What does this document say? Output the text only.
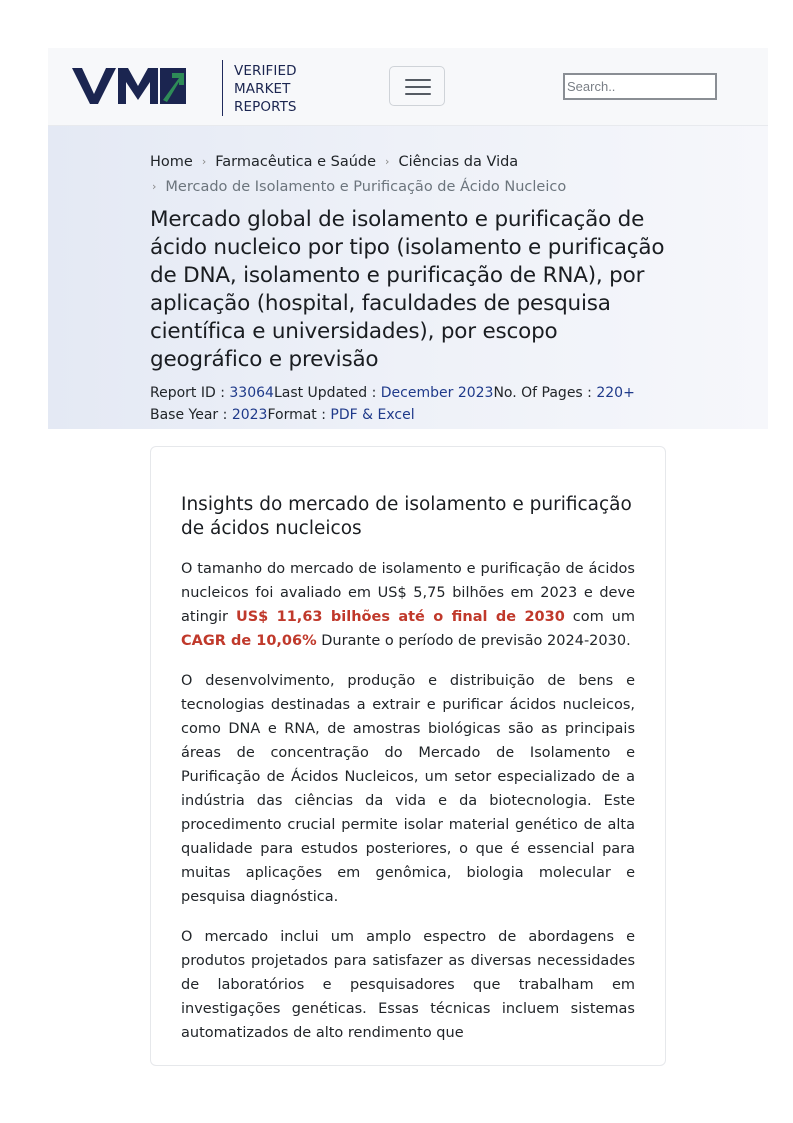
VERIFIED
MARKET
REPORTS
Search..
Home › Farmacêutica e Saúde › Ciências da Vida
› Mercado de Isolamento e Purificação de Ácido Nucleico
Mercado global de isolamento e purificação de ácido nucleico por tipo (isolamento e purificação de DNA, isolamento e purificação de RNA), por aplicação (hospital, faculdades de pesquisa científica e universidades), por escopo geográfico e previsão
Report ID : 33064Last Updated : December 2023No. Of Pages : 220+
Base Year : 2023Format : PDF & Excel
Insights do mercado de isolamento e purificação de ácidos nucleicos

O tamanho do mercado de isolamento e purificação de ácidos nucleicos foi avaliado em US$ 5,75 bilhões em 2023 e deve atingir US$ 11,63 bilhões até o final de 2030 com um CAGR de 10,06% Durante o período de previsão 2024-2030.

O desenvolvimento, produção e distribuição de bens e tecnologias destinadas a extrair e purificar ácidos nucleicos, como DNA e RNA, de amostras biológicas são as principais áreas de concentração do Mercado de Isolamento e Purificação de Ácidos Nucleicos, um setor especializado de a indústria das ciências da vida e da biotecnologia. Este procedimento crucial permite isolar material genético de alta qualidade para estudos posteriores, o que é essencial para muitas aplicações em genômica, biologia molecular e pesquisa diagnóstica.

O mercado inclui um amplo espectro de abordagens e produtos projetados para satisfazer as diversas necessidades de laboratórios e pesquisadores que trabalham em investigações genéticas. Essas técnicas incluem sistemas automatizados de alto rendimento que
